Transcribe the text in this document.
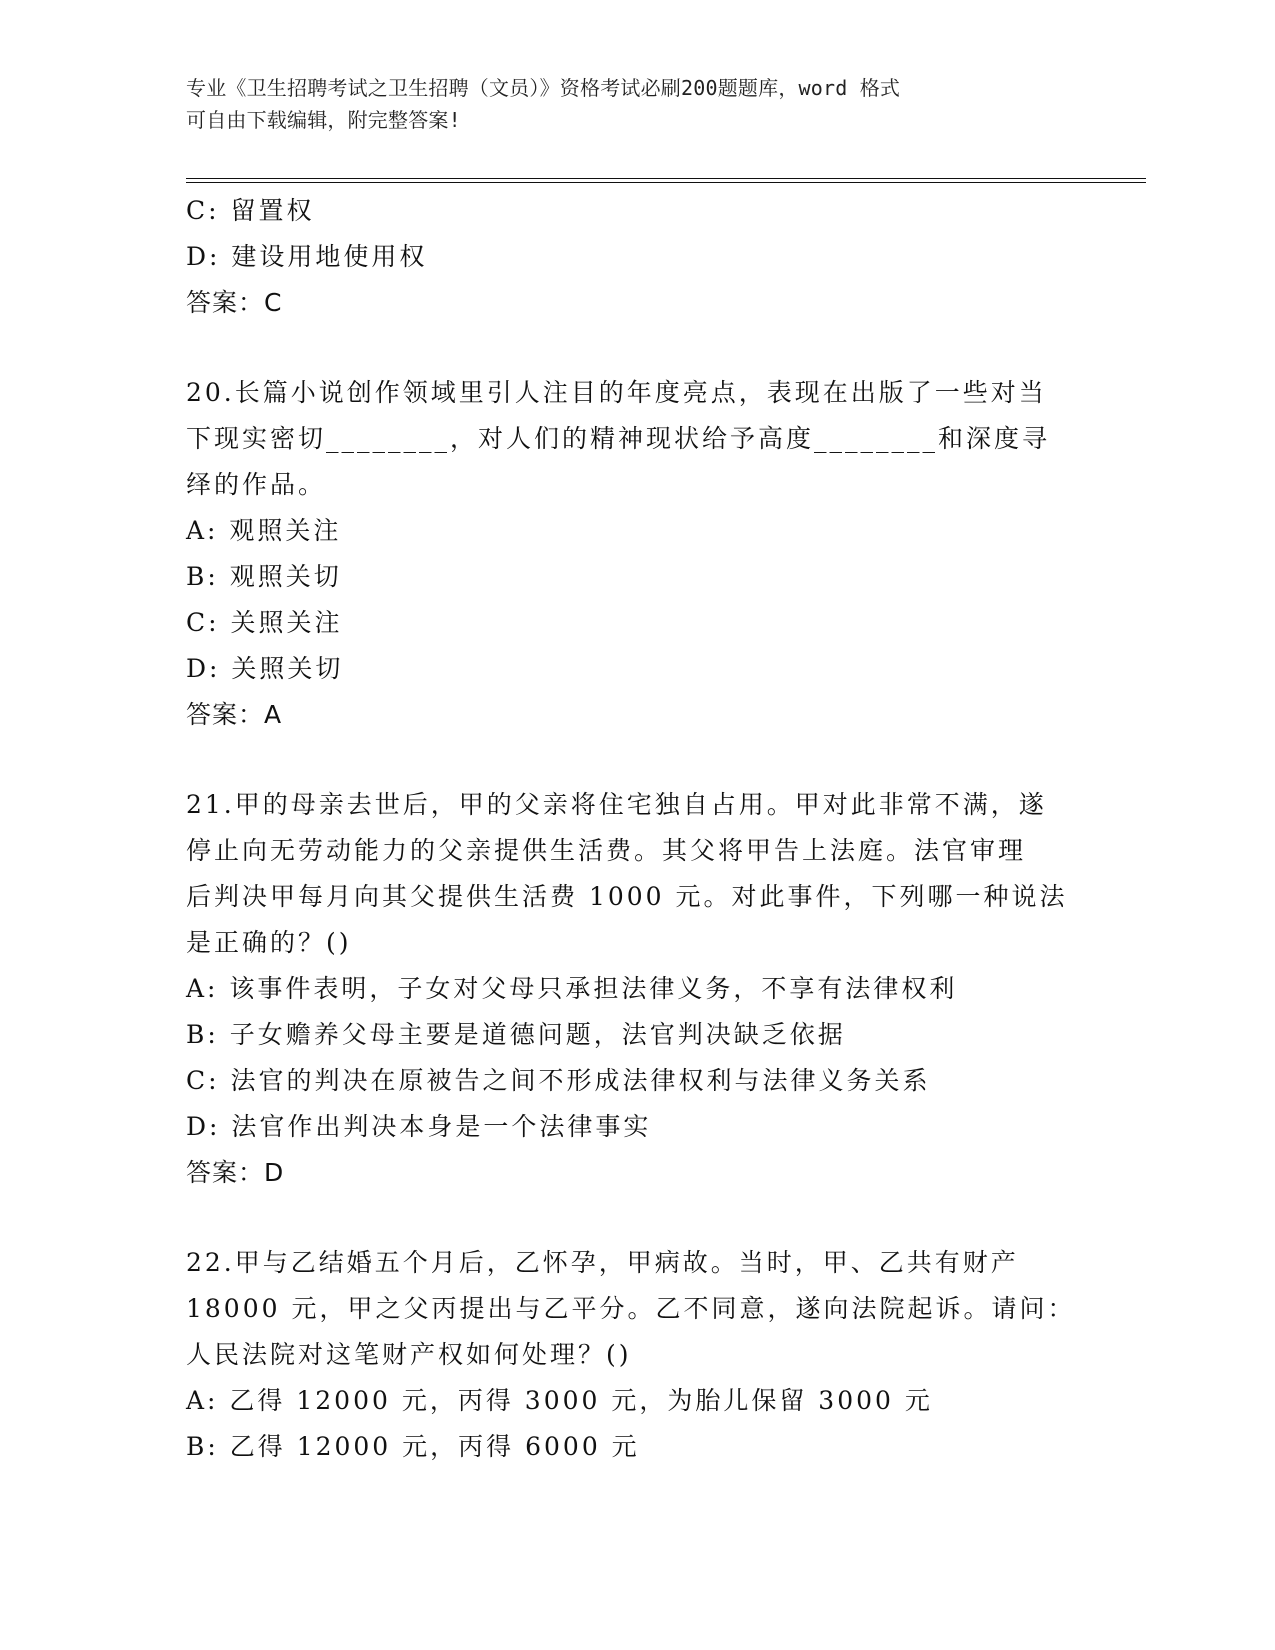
专业《卫生招聘考试之卫生招聘（文员）》资格考试必刷200题题库，word 格式
可自由下载编辑，附完整答案!
C: 留置权
D: 建设用地使用权
答案：C
20.长篇小说创作领域里引人注目的年度亮点，表现在出版了一些对当
下现实密切________，对人们的精神现状给予高度________和深度寻
绎的作品。
A: 观照关注
B: 观照关切
C: 关照关注
D: 关照关切
答案：A
21.甲的母亲去世后，甲的父亲将住宅独自占用。甲对此非常不满，遂
停止向无劳动能力的父亲提供生活费。其父将甲告上法庭。法官审理
后判决甲每月向其父提供生活费 1000 元。对此事件，下列哪一种说法
是正确的？()
A: 该事件表明，子女对父母只承担法律义务，不享有法律权利
B: 子女赡养父母主要是道德问题，法官判决缺乏依据
C: 法官的判决在原被告之间不形成法律权利与法律义务关系
D: 法官作出判决本身是一个法律事实
答案：D
22.甲与乙结婚五个月后，乙怀孕，甲病故。当时，甲、乙共有财产
18000 元，甲之父丙提出与乙平分。乙不同意，遂向法院起诉。请问：
人民法院对这笔财产权如何处理？()
A: 乙得 12000 元，丙得 3000 元，为胎儿保留 3000 元
B: 乙得 12000 元，丙得 6000 元
